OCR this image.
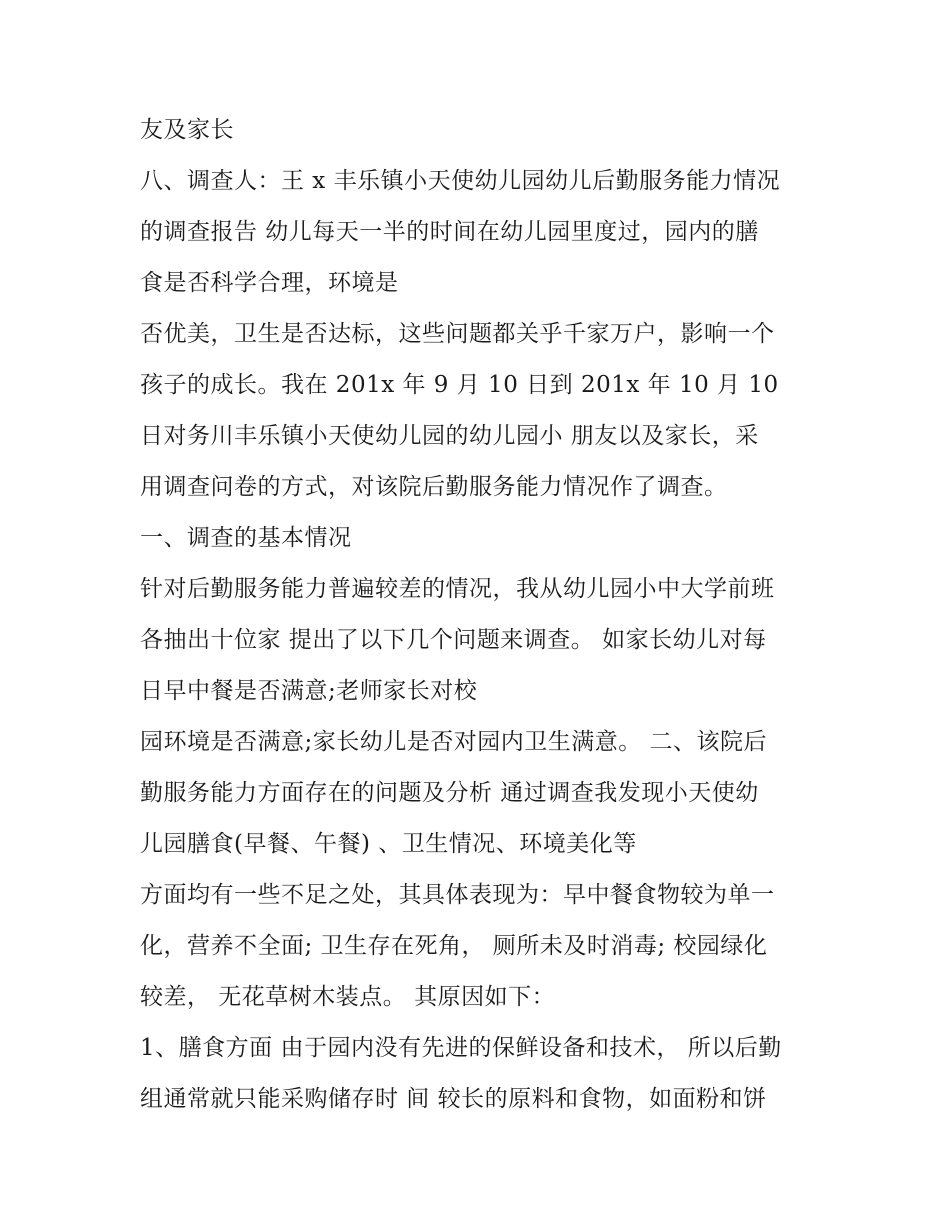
友及家长
八、调查人：王 x 丰乐镇小天使幼儿园幼儿后勤服务能力情况
的调查报告 幼儿每天一半的时间在幼儿园里度过，园内的膳
食是否科学合理，环境是
否优美，卫生是否达标，这些问题都关乎千家万户，影响一个
孩子的成长。我在 201x 年 9 月 10 日到 201x 年 10 月 10
日对务川丰乐镇小天使幼儿园的幼儿园小 朋友以及家长，采
用调查问卷的方式，对该院后勤服务能力情况作了调查。
一、调查的基本情况
针对后勤服务能力普遍较差的情况，我从幼儿园小中大学前班
各抽出十位家 提出了以下几个问题来调查。 如家长幼儿对每
日早中餐是否满意;老师家长对校
园环境是否满意;家长幼儿是否对园内卫生满意。 二、该院后
勤服务能力方面存在的问题及分析 通过调查我发现小天使幼
儿园膳食(早餐、午餐) 、卫生情况、环境美化等
方面均有一些不足之处，其具体表现为：早中餐食物较为单一
化，营养不全面; 卫生存在死角， 厕所未及时消毒; 校园绿化
较差， 无花草树木装点。 其原因如下：
1、膳食方面 由于园内没有先进的保鲜设备和技术， 所以后勤
组通常就只能采购储存时 间 较长的原料和食物，如面粉和饼
